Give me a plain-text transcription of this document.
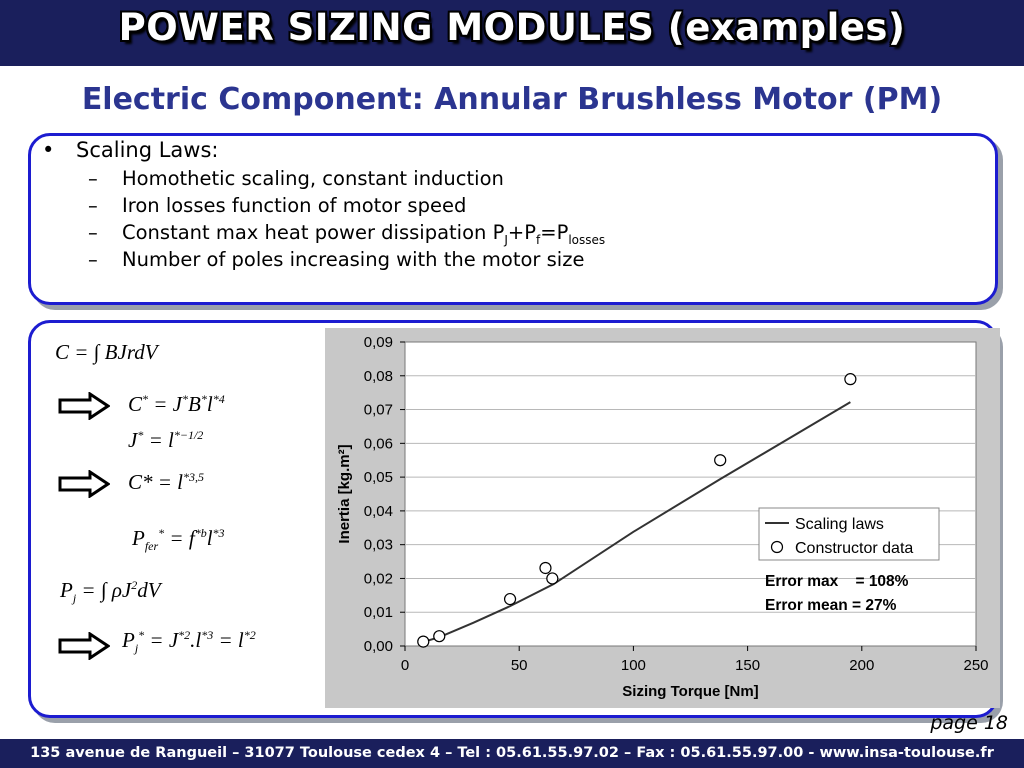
POWER SIZING MODULES (examples)
Electric Component: Annular Brushless Motor (PM)
•	Scaling Laws:
– Homothetic scaling, constant induction
– Iron losses function of motor speed
– Constant max heat power dissipation $P_J+P_f=P_{losses}$
– Number of poles increasing with the motor size
C = ∫ BJrdV
$C^* = J^*B^*l^{*4}$
$J^* = l^{*-1/2}$
$C* = l^{*3,5}$
$P_{fer}^* = f^{*b}l^{*3}$
$P_j$ = ∫ $\rho J^2dV$
$P_j^* = J^{*2}.l^{*3} = l^{*2}$
0,00
0,01
0,02
0,03
0,04
0,05
0,06
0,07
0,08
0,09
0	50	100	150	200	250
Sizing Torque [Nm]
Inertia [kg.m²]	Scaling laws
Constructor data
Error max    = 108%
Error mean = 27%
135 avenue de Rangueil – 31077 Toulouse cedex 4 – Tel : 05.61.55.97.02 – Fax : 05.61.55.97.00 - www.insa-toulouse.fr
page 18
